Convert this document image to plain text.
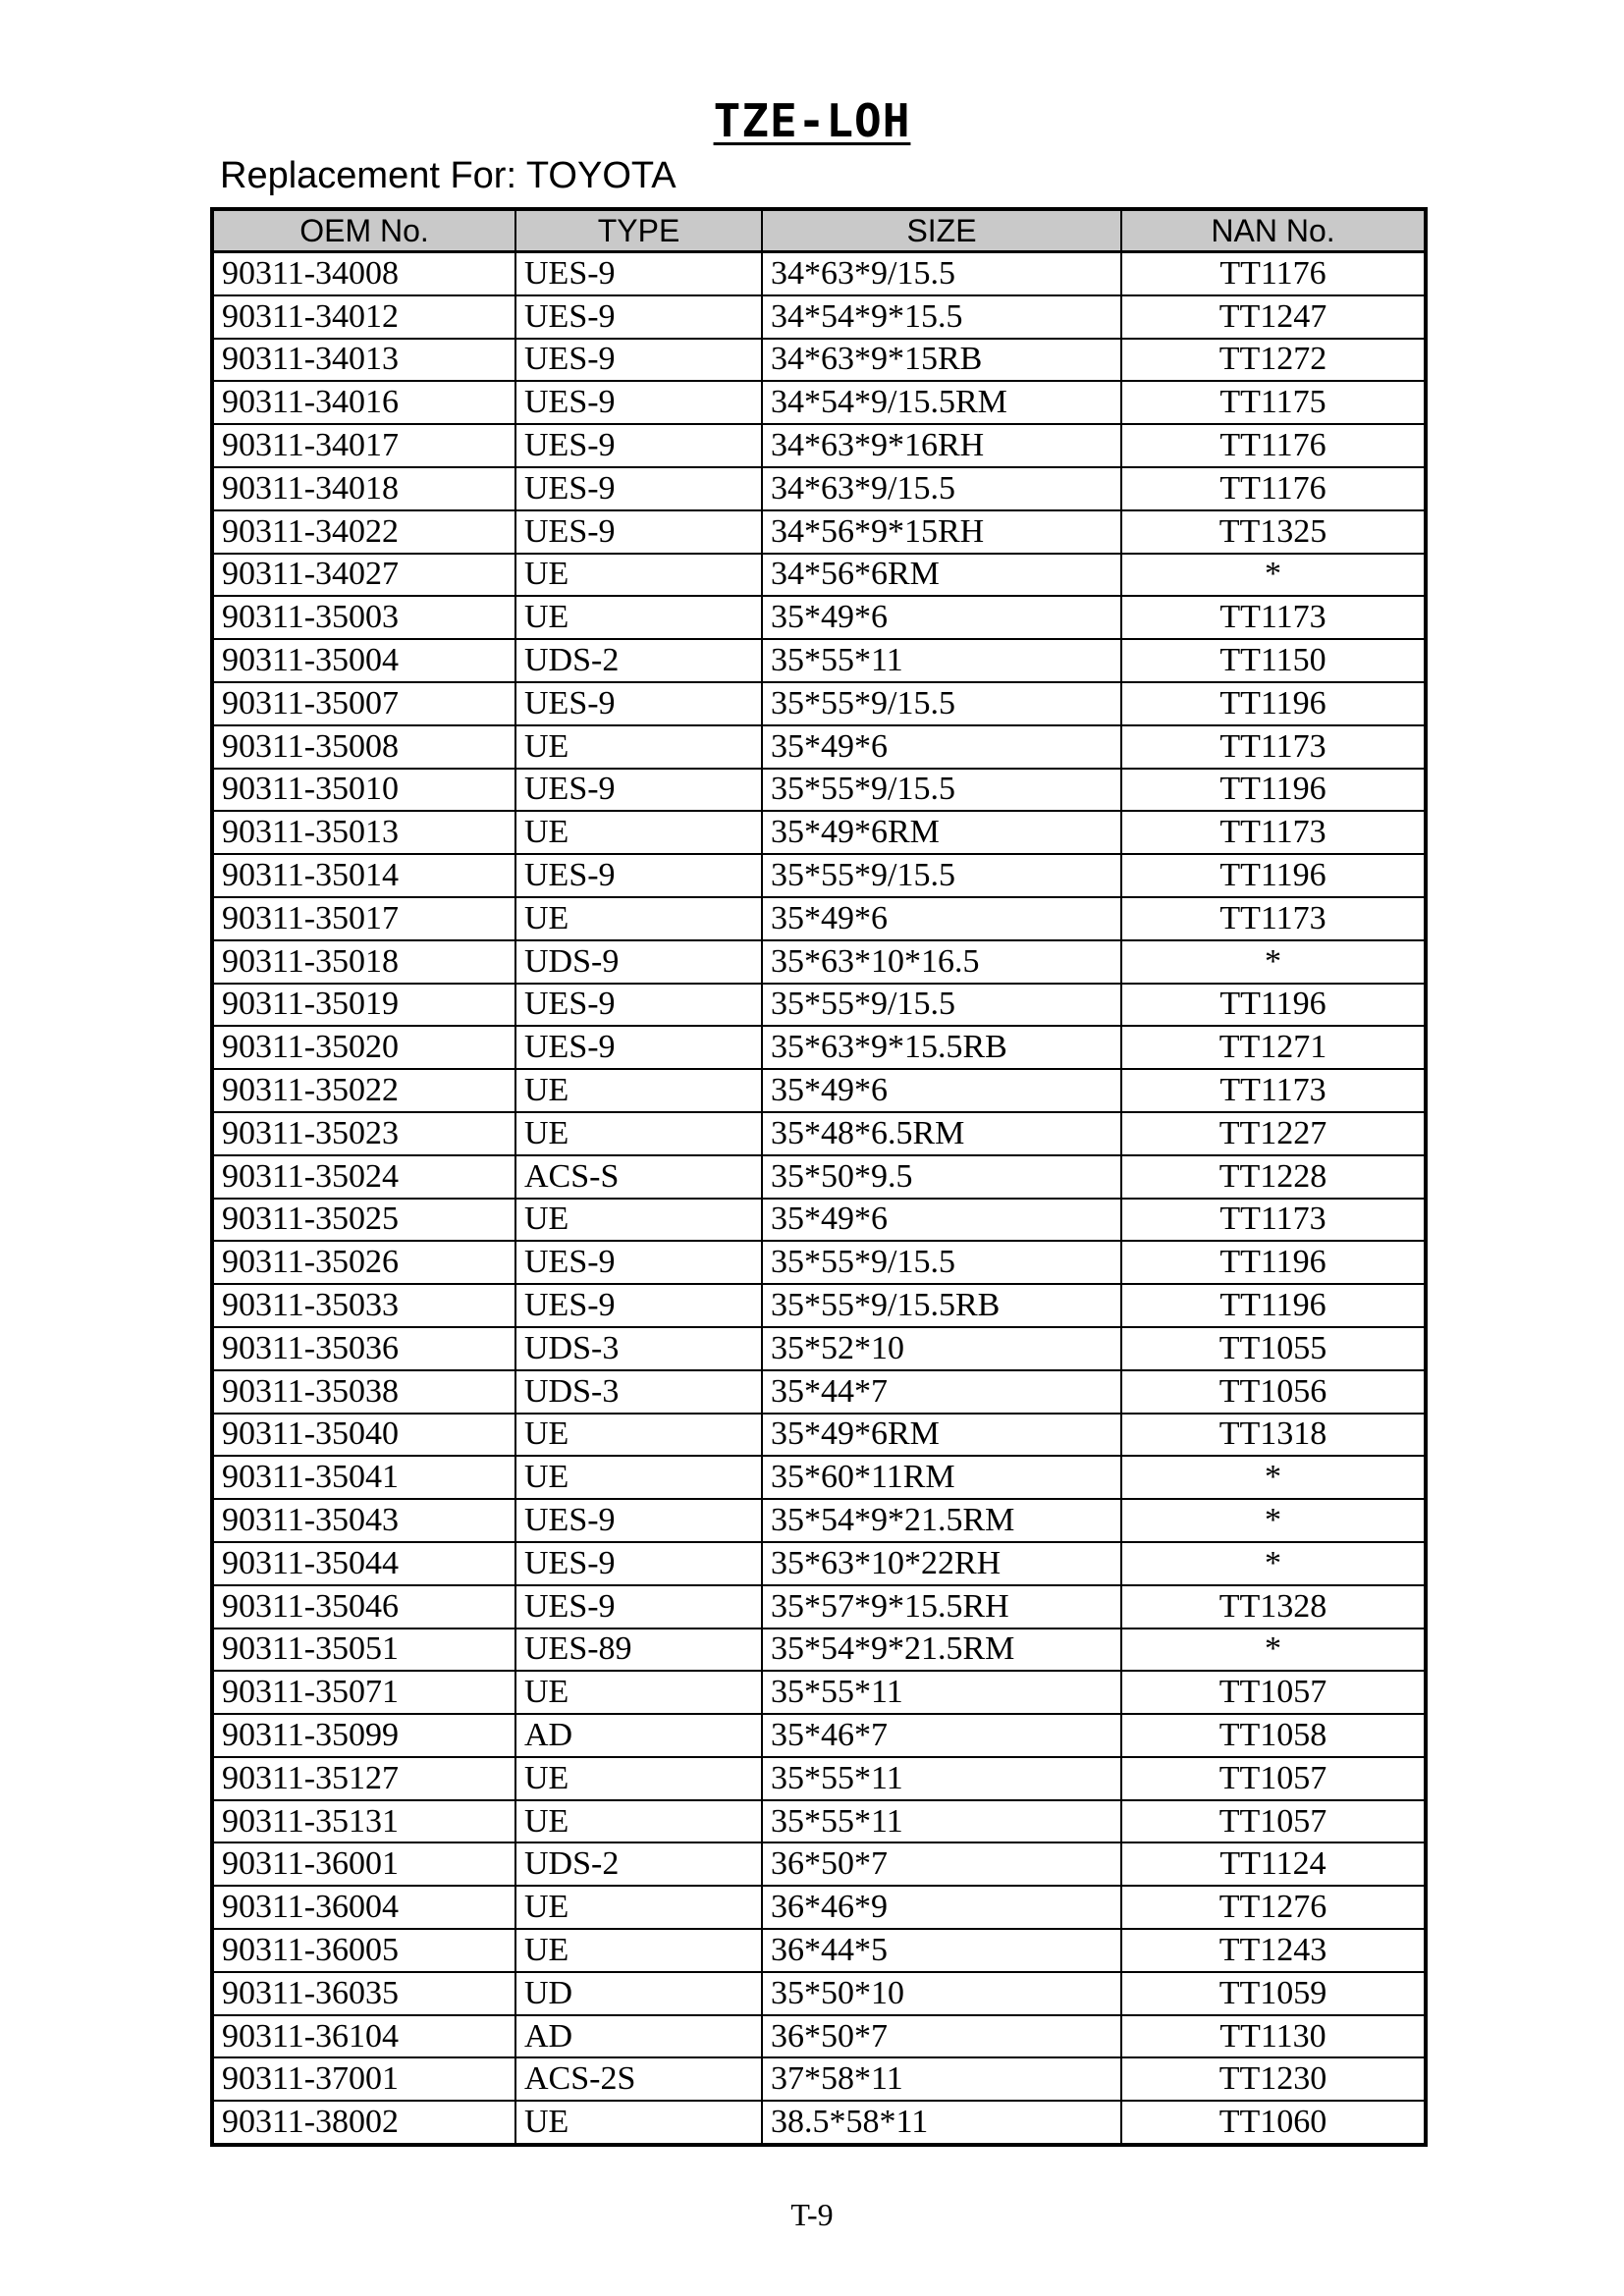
TZE-LOH
Replacement For: TOYOTA
OEM No.	TYPE	SIZE	NAN No.
90311-34008	UES-9	34*63*9/15.5	TT1176
90311-34012	UES-9	34*54*9*15.5	TT1247
90311-34013	UES-9	34*63*9*15RB	TT1272
90311-34016	UES-9	34*54*9/15.5RM	TT1175
90311-34017	UES-9	34*63*9*16RH	TT1176
90311-34018	UES-9	34*63*9/15.5	TT1176
90311-34022	UES-9	34*56*9*15RH	TT1325
90311-34027	UE	34*56*6RM	*
90311-35003	UE	35*49*6	TT1173
90311-35004	UDS-2	35*55*11	TT1150
90311-35007	UES-9	35*55*9/15.5	TT1196
90311-35008	UE	35*49*6	TT1173
90311-35010	UES-9	35*55*9/15.5	TT1196
90311-35013	UE	35*49*6RM	TT1173
90311-35014	UES-9	35*55*9/15.5	TT1196
90311-35017	UE	35*49*6	TT1173
90311-35018	UDS-9	35*63*10*16.5	*
90311-35019	UES-9	35*55*9/15.5	TT1196
90311-35020	UES-9	35*63*9*15.5RB	TT1271
90311-35022	UE	35*49*6	TT1173
90311-35023	UE	35*48*6.5RM	TT1227
90311-35024	ACS-S	35*50*9.5	TT1228
90311-35025	UE	35*49*6	TT1173
90311-35026	UES-9	35*55*9/15.5	TT1196
90311-35033	UES-9	35*55*9/15.5RB	TT1196
90311-35036	UDS-3	35*52*10	TT1055
90311-35038	UDS-3	35*44*7	TT1056
90311-35040	UE	35*49*6RM	TT1318
90311-35041	UE	35*60*11RM	*
90311-35043	UES-9	35*54*9*21.5RM	*
90311-35044	UES-9	35*63*10*22RH	*
90311-35046	UES-9	35*57*9*15.5RH	TT1328
90311-35051	UES-89	35*54*9*21.5RM	*
90311-35071	UE	35*55*11	TT1057
90311-35099	AD	35*46*7	TT1058
90311-35127	UE	35*55*11	TT1057
90311-35131	UE	35*55*11	TT1057
90311-36001	UDS-2	36*50*7	TT1124
90311-36004	UE	36*46*9	TT1276
90311-36005	UE	36*44*5	TT1243
90311-36035	UD	35*50*10	TT1059
90311-36104	AD	36*50*7	TT1130
90311-37001	ACS-2S	37*58*11	TT1230
90311-38002	UE	38.5*58*11	TT1060
T-9
